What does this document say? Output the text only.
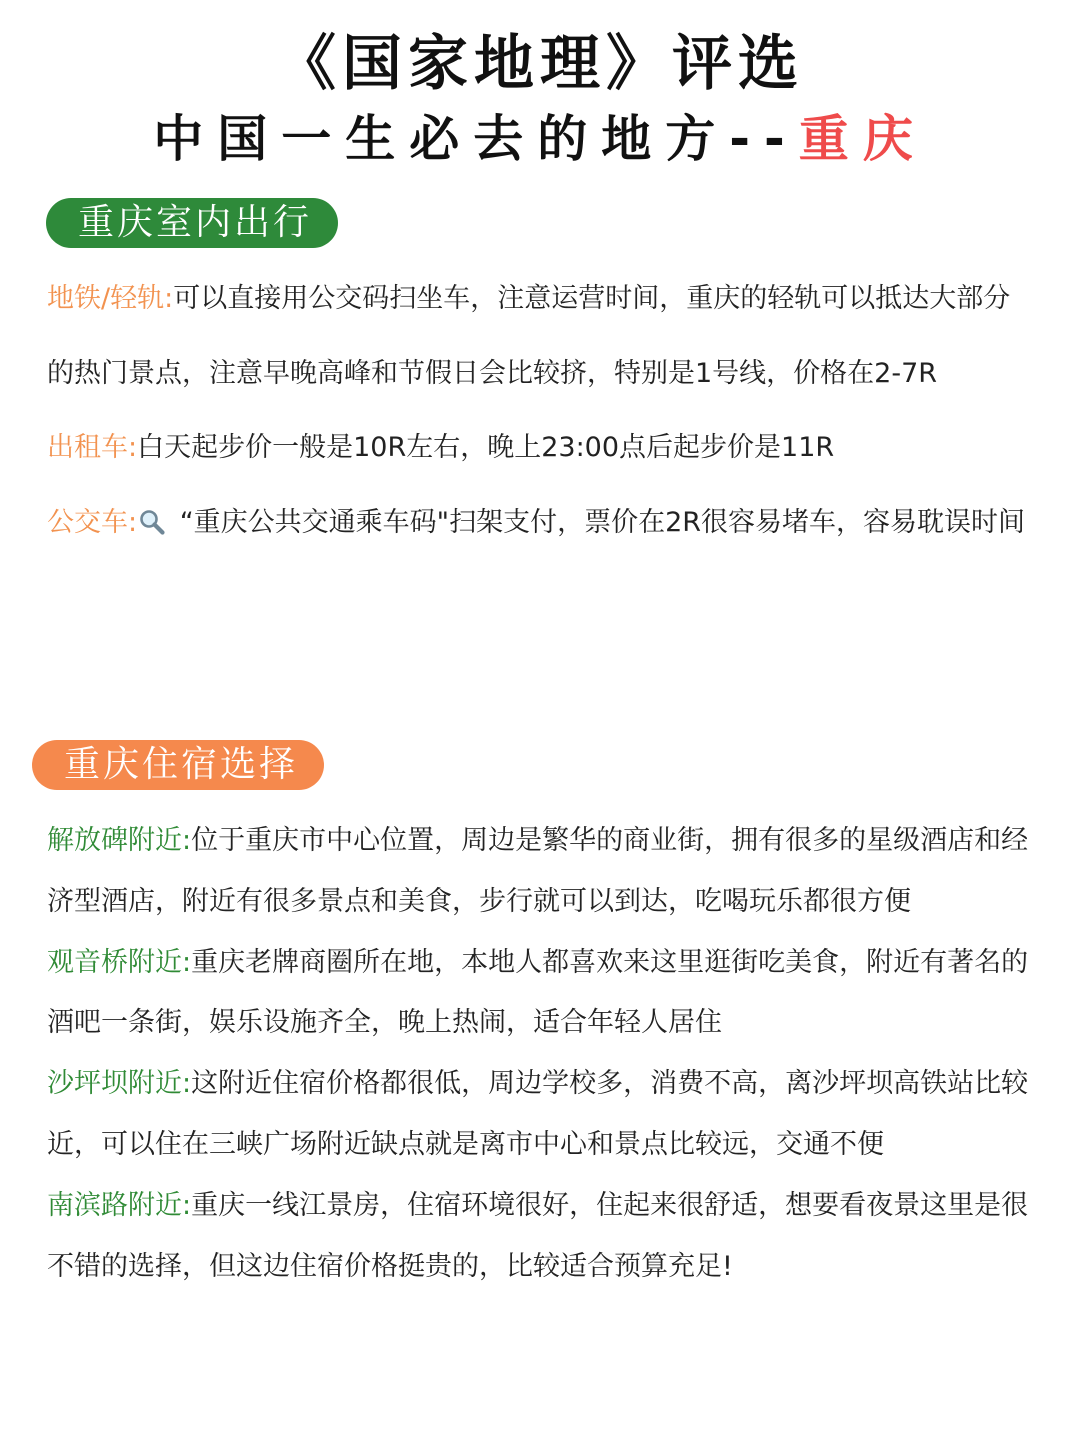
《国家地理》评选
中国一生必去的地方--重庆
重庆室内出行

地铁/轻轨:可以直接用公交码扫坐车，注意运营时间，重庆的轻轨可以抵达大部分的热门景点，注意早晚高峰和节假日会比较挤，特别是1号线，价格在2-7R

出租车:白天起步价一般是10R左右，晚上23:00点后起步价是11R

公交车: “重庆公共交通乘车码"扫架支付，票价在2R很容易堵车，容易耽误时间

重庆住宿选择

解放碑附近:位于重庆市中心位置，周边是繁华的商业街，拥有很多的星级酒店和经济型酒店，附近有很多景点和美食，步行就可以到达，吃喝玩乐都很方便

观音桥附近:重庆老牌商圈所在地，本地人都喜欢来这里逛街吃美食，附近有著名的酒吧一条街，娱乐设施齐全，晚上热闹，适合年轻人居住

沙坪坝附近:这附近住宿价格都很低，周边学校多，消费不高，离沙坪坝高铁站比较近，可以住在三峡广场附近缺点就是离市中心和景点比较远，交通不便

南滨路附近:重庆一线江景房，住宿环境很好，住起来很舒适，想要看夜景这里是很不错的选择，但这边住宿价格挺贵的，比较适合预算充足!
